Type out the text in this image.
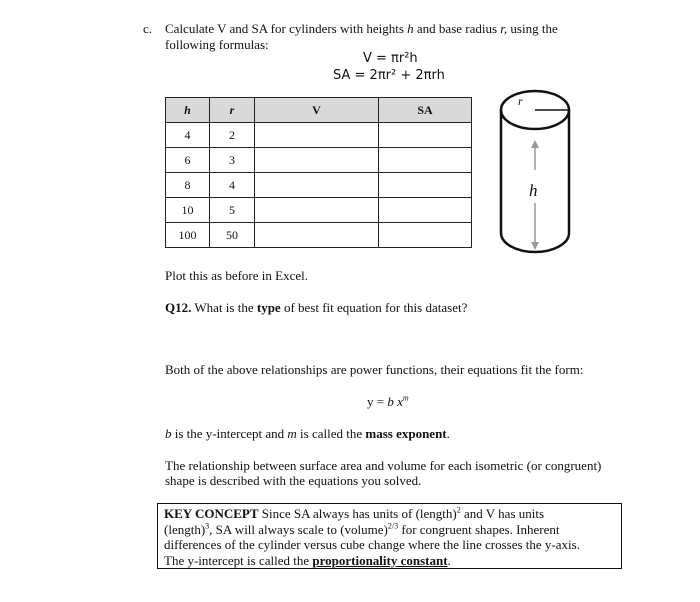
c. Calculate V and SA for cylinders with heights h and base radius r, using the
following formulas:
V = πr²h
SA = 2πr² + 2πrh
h	r	V	SA
4	2		
6	3		
8	4		
10	5		
100	50		
r
h
Plot this as before in Excel.
Q12. What is the type of best fit equation for this dataset?
Both of the above relationships are power functions, their equations fit the form:
y = b $x^m$
b is the y-intercept and m is called the mass exponent.
The relationship between surface area and volume for each isometric (or congruent)
shape is described with the equations you solved.
KEY CONCEPT Since SA always has units of (length)$^2$ and V has units
(length)$^3$, SA will always scale to (volume)$^{2/3}$ for congruent shapes. Inherent
differences of the cylinder versus cube change where the line crosses the y-axis.
The y-intercept is called the proportionality constant.
